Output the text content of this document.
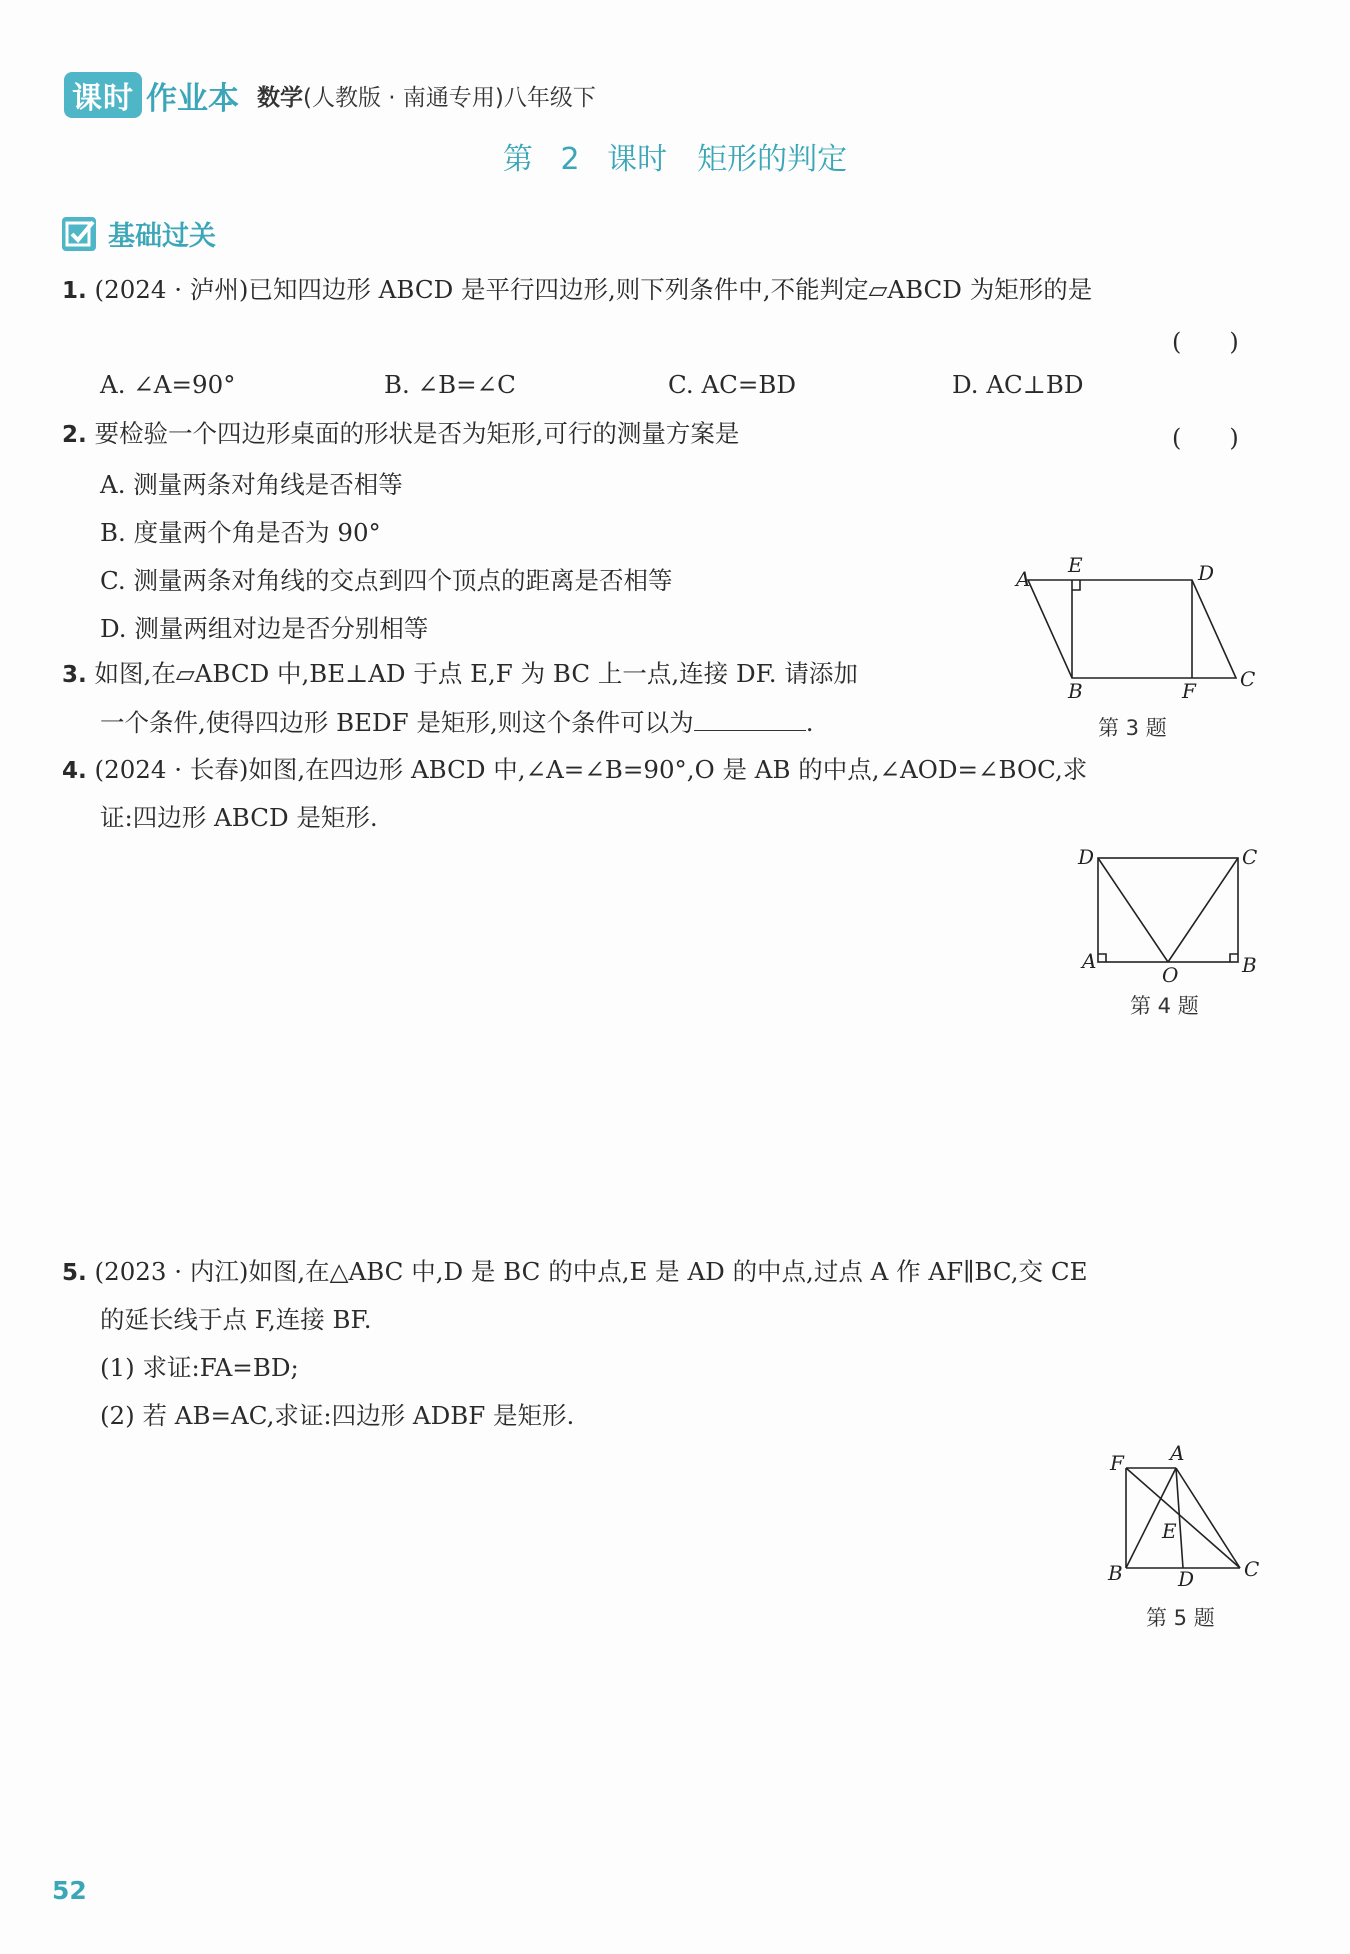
课时 作业本 数学(人教版 · 南通专用)八年级下
第 2 课时　矩形的判定
基础过关
1. (2024 · 泸州)已知四边形 ABCD 是平行四边形,则下列条件中,不能判定▱ABCD 为矩形的是
(　　)
A. ∠A=90°	B. ∠B=∠C	C. AC=BD	D. AC⊥BD
2. 要检验一个四边形桌面的形状是否为矩形,可行的测量方案是	(　　)
A. 测量两条对角线是否相等
B. 度量两个角是否为 90°
C. 测量两条对角线的交点到四个顶点的距离是否相等
D. 测量两组对边是否分别相等
3. 如图,在▱ABCD 中,BE⊥AD 于点 E,F 为 BC 上一点,连接 DF. 请添加
一个条件,使得四边形 BEDF 是矩形,则这个条件可以为	.
A
E	D
B	F C
第 3 题
4. (2024 · 长春)如图,在四边形 ABCD 中,∠A=∠B=90°,O 是 AB 的中点,∠AOD=∠BOC,求
证:四边形 ABCD 是矩形.
D	C
A
O	B
第 4 题
5. (2023 · 内江)如图,在△ABC 中,D 是 BC 的中点,E 是 AD 的中点,过点 A 作 AF∥BC,交 CE
的延长线于点 F,连接 BF.
(1) 求证:FA=BD;
(2) 若 AB=AC,求证:四边形 ADBF 是矩形.
F A
E
B	D C
第 5 题
52
